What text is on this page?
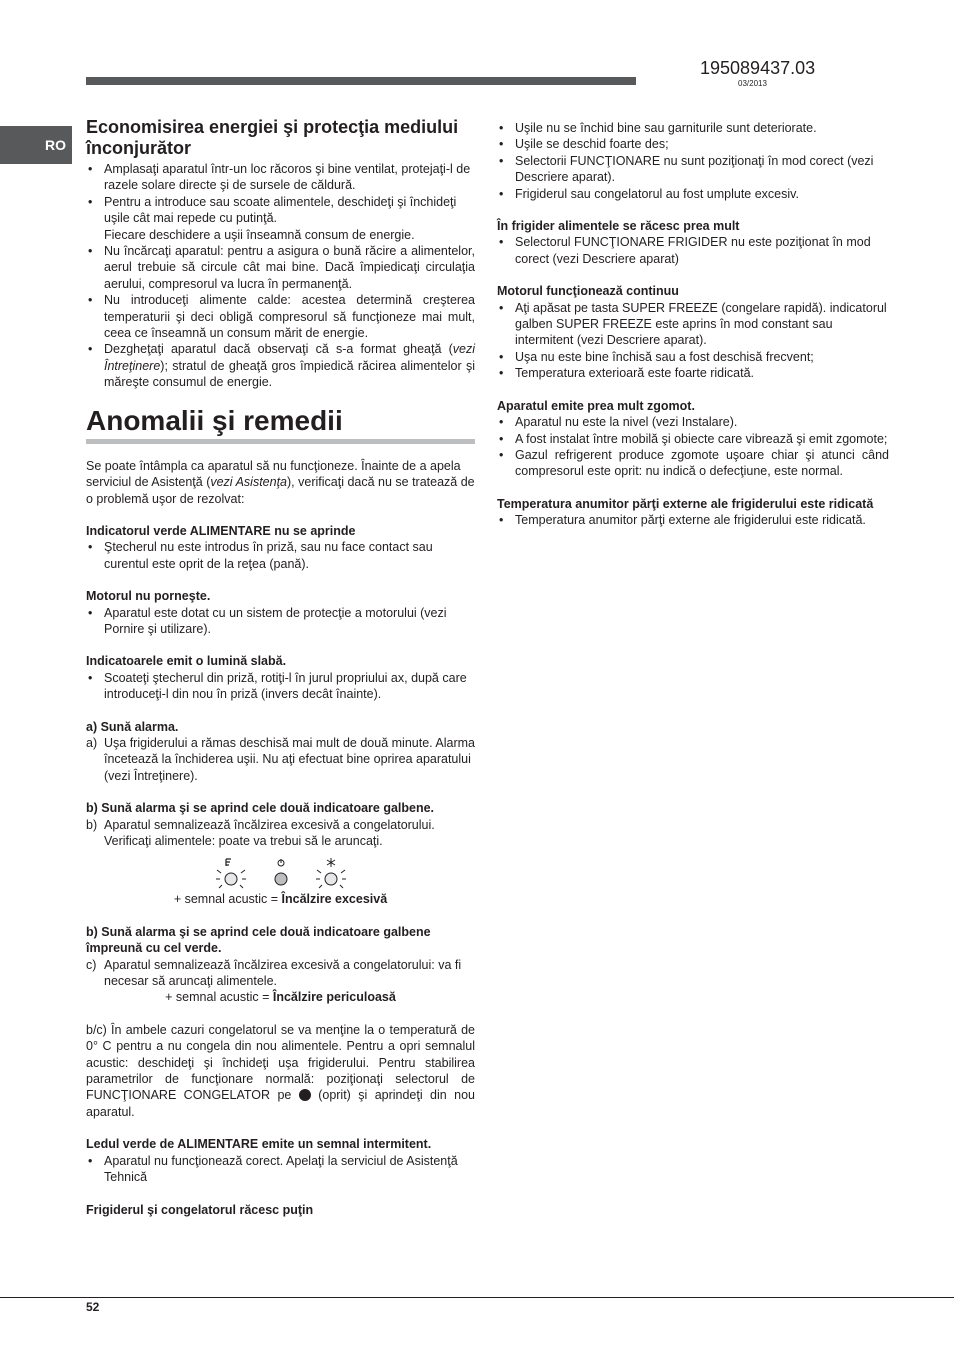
195089437.03
03/2013
RO
Economisirea energiei şi protecţia mediului înconjurător
• Amplasaţi aparatul într-un loc răcoros şi bine ventilat, protejaţi-l de razele solare directe şi de sursele de căldură.
• Pentru a introduce sau scoate alimentele, deschideţi şi închideţi uşile cât mai repede cu putinţă.
Fiecare deschidere a uşii înseamnă consum de energie.
• Nu încărcaţi aparatul: pentru a asigura o bună răcire a alimentelor, aerul trebuie să circule cât mai bine. Dacă împiedicaţi circulaţia aerului, compresorul va lucra în permanenţă.
• Nu introduceţi alimente calde: acestea determină creşterea temperaturii şi deci obligă compresorul să funcţioneze mai mult, ceea ce înseamnă un consum mărit de energie.
• Dezgheţaţi aparatul dacă observaţi că s-a format gheaţă (vezi Întreţinere); stratul de gheaţă gros împiedică răcirea alimentelor şi măreşte consumul de energie.
Anomalii şi remedii

Se poate întâmpla ca aparatul să nu funcţioneze. Înainte de a apela serviciul de Asistenţă (vezi Asistenţa), verificaţi dacă nu se tratează de o problemă uşor de rezolvat:

Indicatorul verde ALIMENTARE nu se aprinde
• Ştecherul nu este introdus în priză, sau nu face contact sau curentul este oprit de la reţea (pană).
Motorul nu porneşte.
• Aparatul este dotat cu un sistem de protecţie a motorului (vezi Pornire şi utilizare).
Indicatoarele emit o lumină slabă.
• Scoateţi ştecherul din priză, rotiţi-l în jurul propriului ax, după care introduceţi-l din nou în priză (invers decât înainte).
a) Sună alarma.
a) Uşa frigiderului a rămas deschisă mai mult de două minute. Alarma încetează la închiderea uşii. Nu aţi efectuat bine oprirea aparatului (vezi Întreţinere).
b) Sună alarma şi se aprind cele două indicatoare galbene.
b) Aparatul semnalizează încălzirea excesivă a congelatorului.
Verificaţi alimentele: poate va trebui să le aruncaţi.
+ semnal acustic = Încălzire excesivă
b) Sună alarma şi se aprind cele două indicatoare galbene împreună cu cel verde.
c) Aparatul semnalizează încălzirea excesivă a congelatorului: va fi necesar să aruncaţi alimentele.
+ semnal acustic = Încălzire periculoasă

b/c) În ambele cazuri congelatorul se va menţine la o temperatură de 0° C pentru a nu congela din nou alimentele. Pentru a opri semnalul acustic: deschideţi şi închideţi uşa frigiderului. Pentru stabilirea parametrilor de funcţionare normală: poziţionaţi selectorul de FUNCŢIONARE CONGELATOR pe (oprit) şi aprindeţi din nou aparatul.

Ledul verde de ALIMENTARE emite un semnal intermitent.
• Aparatul nu funcţionează corect. Apelaţi la serviciul de Asistenţă Tehnică
Frigiderul şi congelatorul răcesc puţin
• Uşile nu se închid bine sau garniturile sunt deteriorate.
• Uşile se deschid foarte des;
• Selectorii FUNCŢIONARE nu sunt poziţionaţi în mod corect (vezi Descriere aparat).
• Frigiderul sau congelatorul au fost umplute excesiv.
În frigider alimentele se răcesc prea mult
• Selectorul FUNCŢIONARE FRIGIDER nu este poziţionat în mod corect (vezi Descriere aparat)
Motorul funcţionează continuu
• Aţi apăsat pe tasta SUPER FREEZE (congelare rapidă). indicatorul galben SUPER FREEZE este aprins în mod constant sau intermitent (vezi Descriere aparat).
• Uşa nu este bine închisă sau a fost deschisă frecvent;
• Temperatura exterioară este foarte ridicată.
Aparatul emite prea mult zgomot.
• Aparatul nu este la nivel (vezi Instalare).
• A fost instalat între mobilă şi obiecte care vibrează şi emit zgomote;
• Gazul refrigerent produce zgomote uşoare chiar şi atunci când compresorul este oprit: nu indică o defecţiune, este normal.
Temperatura anumitor părţi externe ale frigiderului este ridicată
• Temperatura anumitor părţi externe ale frigiderului este ridicată.
52
